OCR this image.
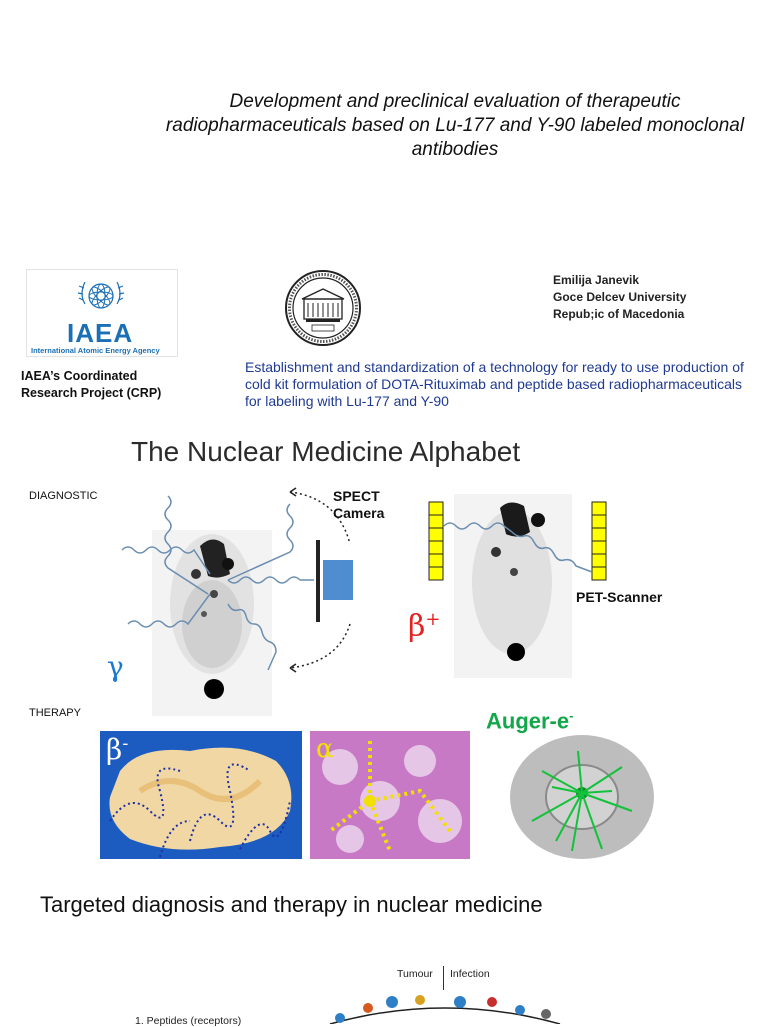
Development and preclinical evaluation of therapeutic
radiopharmaceuticals based on Lu-177 and Y-90 labeled monoclonal
antibodies
IAEA
International Atomic Energy Agency
IAEA’s Coordinated
Research Project (CRP)
Emilija Janevik
Goce Delcev University
Repub;ic of Macedonia
Establishment and standardization of a technology for ready to use production of cold kit formulation of DOTA-Rituximab and peptide based radiopharmaceuticals for labeling with Lu-177 and Y-90
The Nuclear Medicine Alphabet
DIAGNOSTIC
THERAPY
SPECT
Camera
γ
PET-Scanner
β+
β-	α
Auger-e-
Targeted diagnosis and therapy in nuclear medicine
Tumour Infection
1. Peptides (receptors)
